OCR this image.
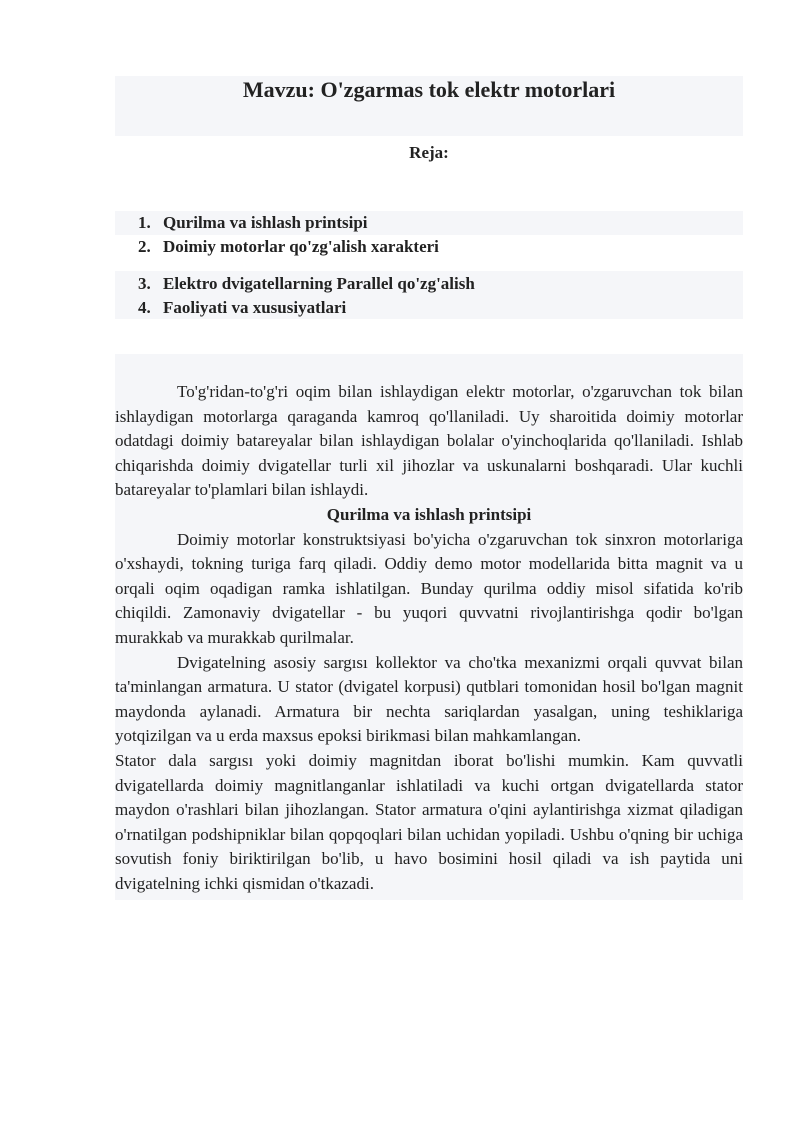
Mavzu: O'zgarmas tok elektr motorlari
Reja:
1. Qurilma va ishlash printsipi
2. Doimiy motorlar qo'zg'alish xarakteri
3. Elektro dvigatellarning Parallel qo'zg'alish
4. Faoliyati va xususiyatlari

To'g'ridan-to'g'ri oqim bilan ishlaydigan elektr motorlar, o'zgaruvchan tok bilan ishlaydigan motorlarga qaraganda kamroq qo'llaniladi. Uy sharoitida doimiy motorlar odatdagi doimiy batareyalar bilan ishlaydigan bolalar o'yinchoqlarida qo'llaniladi. Ishlab chiqarishda doimiy dvigatellar turli xil jihozlar va uskunalarni boshqaradi. Ular kuchli batareyalar to'plamlari bilan ishlaydi.

Qurilma va ishlash printsipi

Doimiy motorlar konstruktsiyasi bo'yicha o'zgaruvchan tok sinxron motorlariga o'xshaydi, tokning turiga farq qiladi. Oddiy demo motor modellarida bitta magnit va u orqali oqim oqadigan ramka ishlatilgan. Bunday qurilma oddiy misol sifatida ko'rib chiqildi. Zamonaviy dvigatellar - bu yuqori quvvatni rivojlantirishga qodir bo'lgan murakkab va murakkab qurilmalar.

Dvigatelning asosiy sargısı kollektor va cho'tka mexanizmi orqali quvvat bilan ta'minlangan armatura. U stator (dvigatel korpusi) qutblari tomonidan hosil bo'lgan magnit maydonda aylanadi. Armatura bir nechta sariqlardan yasalgan, uning teshiklariga yotqizilgan va u erda maxsus epoksi birikmasi bilan mahkamlangan.

Stator dala sargısı yoki doimiy magnitdan iborat bo'lishi mumkin. Kam quvvatli dvigatellarda doimiy magnitlanganlar ishlatiladi va kuchi ortgan dvigatellarda stator maydon o'rashlari bilan jihozlangan. Stator armatura o'qini aylantirishga xizmat qiladigan o'rnatilgan podshipniklar bilan qopqoqlari bilan uchidan yopiladi. Ushbu o'qning bir uchiga sovutish foniy biriktirilgan bo'lib, u havo bosimini hosil qiladi va ish paytida uni dvigatelning ichki qismidan o'tkazadi.
